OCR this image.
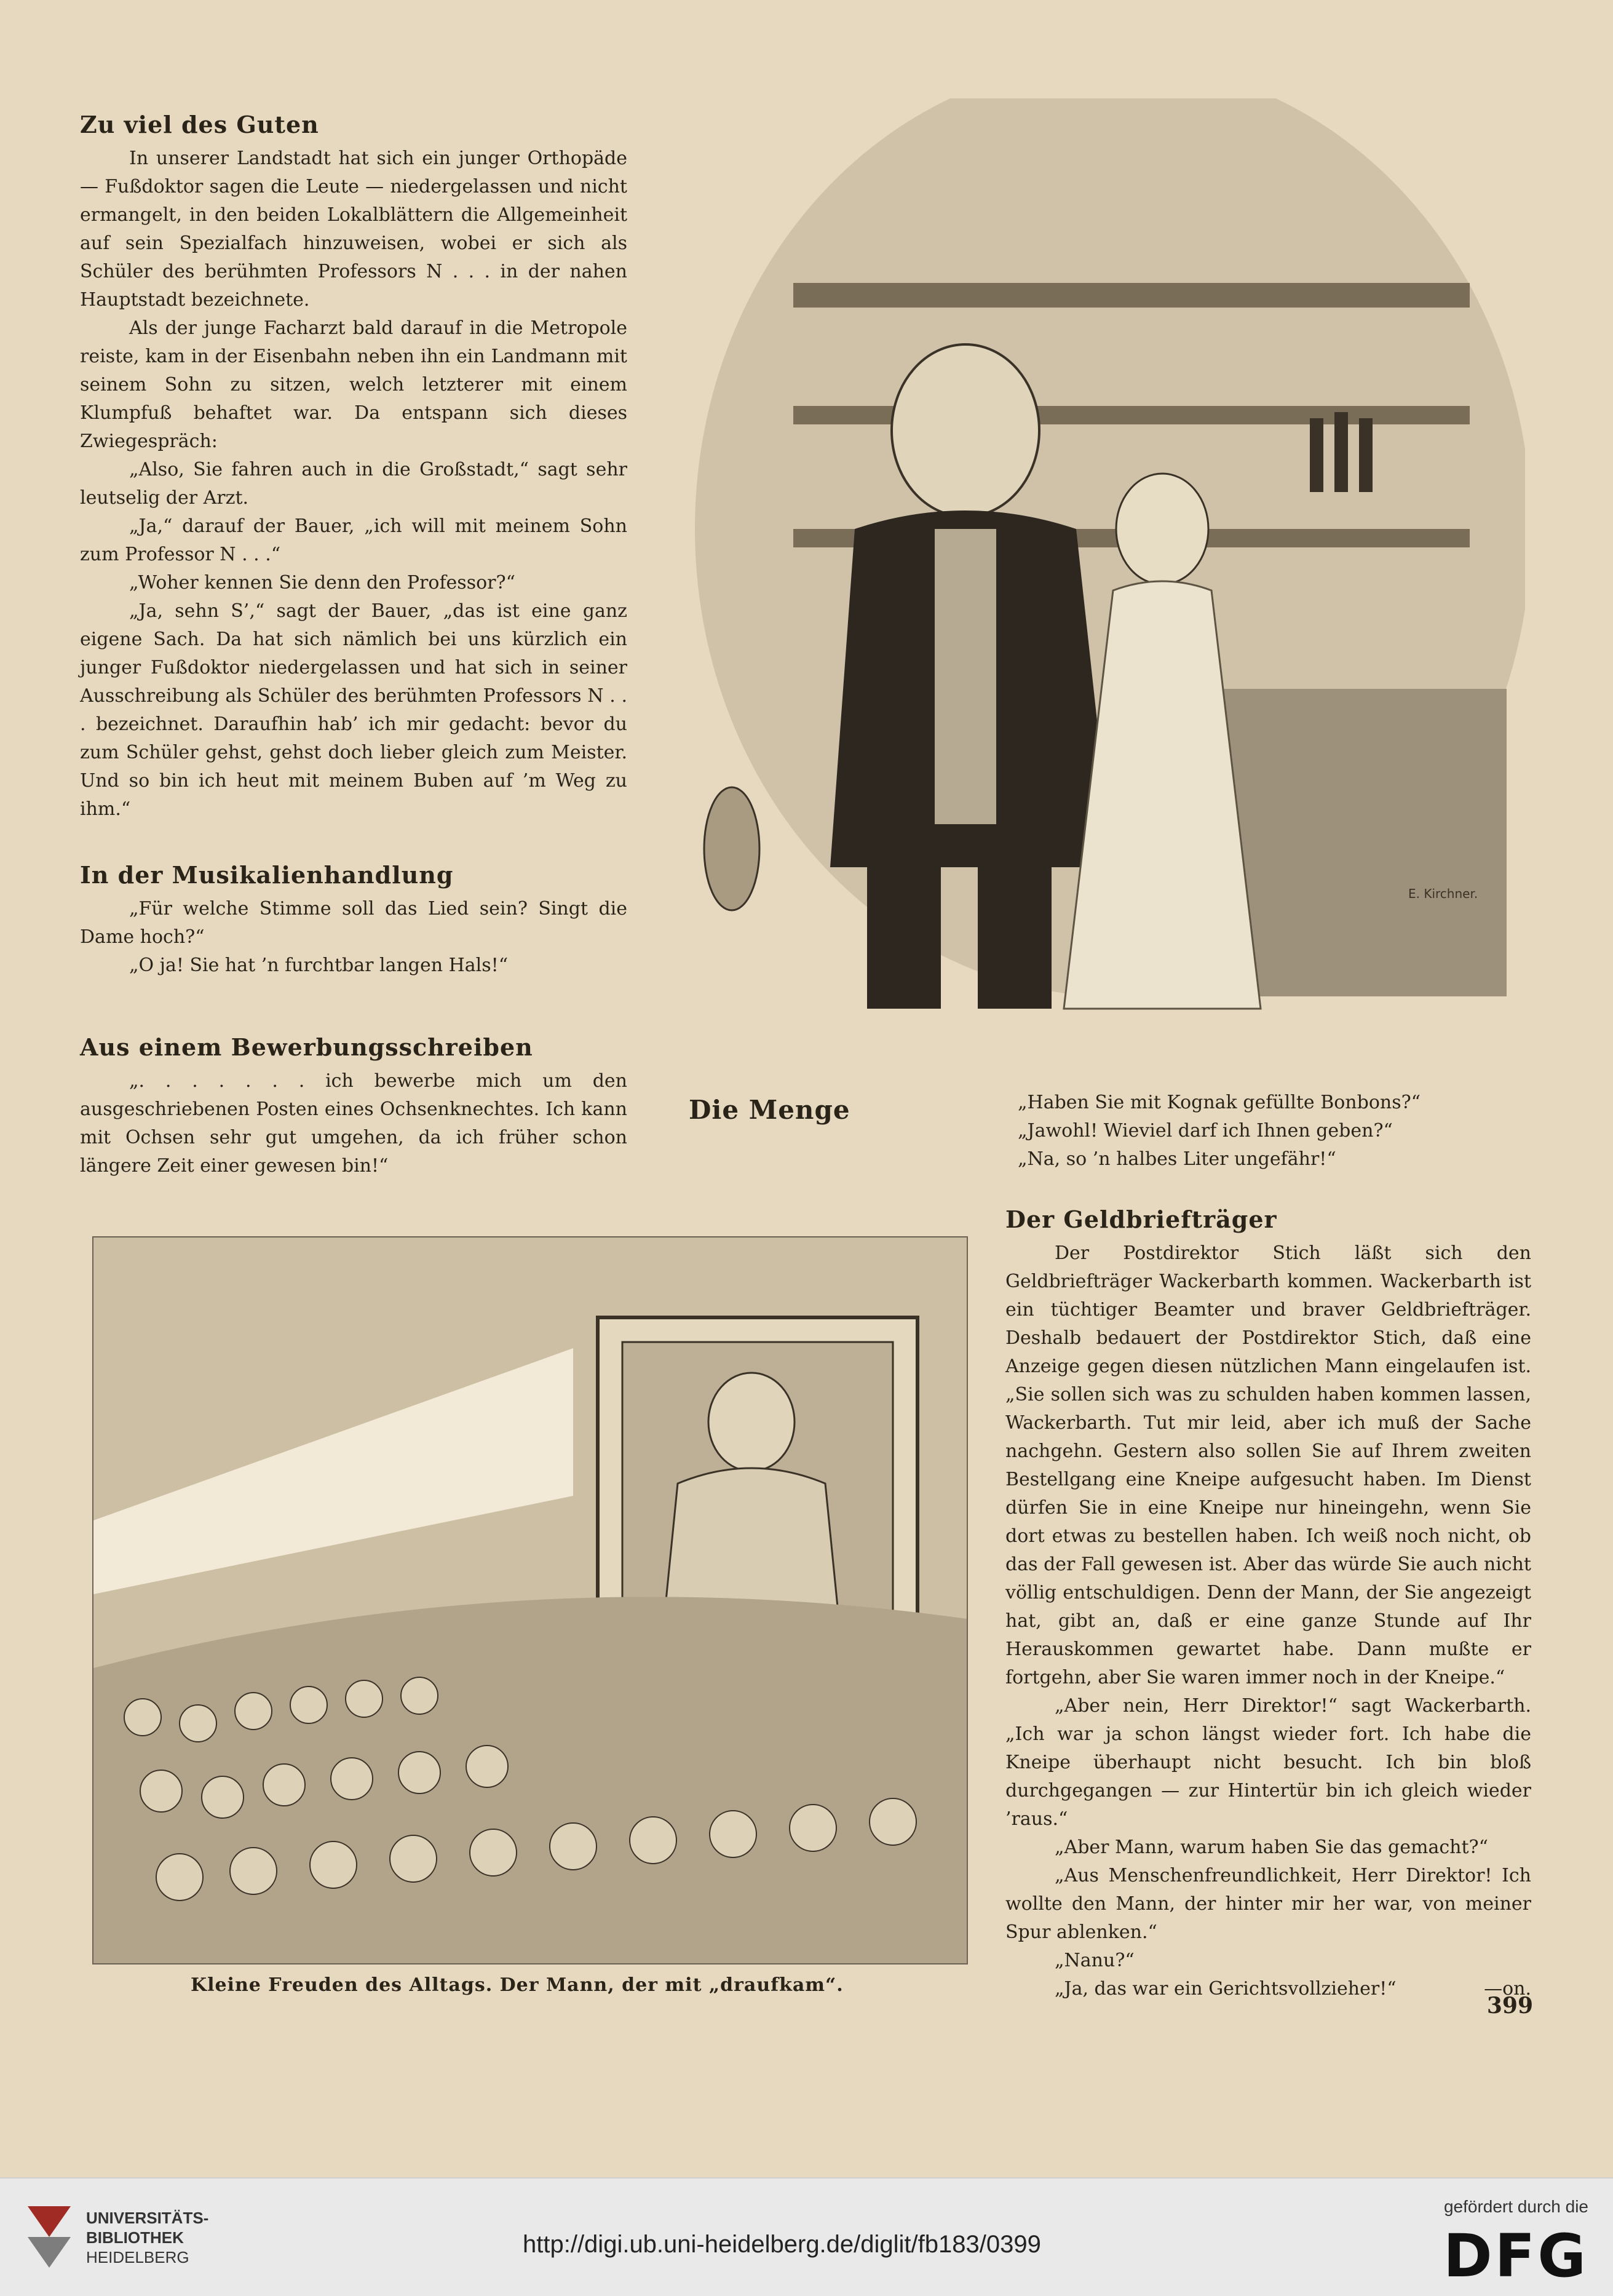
Zu viel des Guten

In unserer Landstadt hat sich ein junger Orthopäde — Fußdoktor sagen die Leute — niedergelassen und nicht ermangelt, in den beiden Lokalblättern die Allgemeinheit auf sein Spezialfach hinzuweisen, wobei er sich als Schüler des berühmten Professors N . . . in der nahen Hauptstadt bezeichnete.

Als der junge Facharzt bald darauf in die Metropole reiste, kam in der Eisenbahn neben ihn ein Landmann mit seinem Sohn zu sitzen, welch letzterer mit einem Klumpfuß behaftet war. Da entspann sich dieses Zwiegespräch:

„Also, Sie fahren auch in die Großstadt,“ sagt sehr leutselig der Arzt.

„Ja,“ darauf der Bauer, „ich will mit meinem Sohn zum Professor N . . .“

„Woher kennen Sie denn den Professor?“

„Ja, sehn S’,“ sagt der Bauer, „das ist eine ganz eigene Sach. Da hat sich nämlich bei uns kürzlich ein junger Fußdoktor niedergelassen und hat sich in seiner Ausschreibung als Schüler des berühmten Professors N . . . bezeichnet. Daraufhin hab’ ich mir gedacht: bevor du zum Schüler gehst, gehst doch lieber gleich zum Meister. Und so bin ich heut mit meinem Buben auf ’m Weg zu ihm.“

In der Musikalienhandlung

„Für welche Stimme soll das Lied sein? Singt die Dame hoch?“

„O ja! Sie hat ’n furchtbar langen Hals!“

Aus einem Bewerbungsschreiben

„. . . . . . . ich bewerbe mich um den ausgeschriebenen Posten eines Ochsenknechtes. Ich kann mit Ochsen sehr gut umgehen, da ich früher schon längere Zeit einer gewesen bin!“

E. Kirchner.
Die Menge	„Haben Sie mit Kognak gefüllte Bonbons?“
„Jawohl! Wieviel darf ich Ihnen geben?“
„Na, so ’n halbes Liter ungefähr!“
Kleine Freuden des Alltags. Der Mann, der mit „draufkam“.
Der Geldbriefträger

Der Postdirektor Stich läßt sich den Geldbriefträger Wackerbarth kommen. Wackerbarth ist ein tüchtiger Beamter und braver Geldbriefträger. Deshalb bedauert der Postdirektor Stich, daß eine Anzeige gegen diesen nützlichen Mann eingelaufen ist. „Sie sollen sich was zu schulden haben kommen lassen, Wackerbarth. Tut mir leid, aber ich muß der Sache nachgehn. Gestern also sollen Sie auf Ihrem zweiten Bestellgang eine Kneipe aufgesucht haben. Im Dienst dürfen Sie in eine Kneipe nur hineingehn, wenn Sie dort etwas zu bestellen haben. Ich weiß noch nicht, ob das der Fall gewesen ist. Aber das würde Sie auch nicht völlig entschuldigen. Denn der Mann, der Sie angezeigt hat, gibt an, daß er eine ganze Stunde auf Ihr Herauskommen gewartet habe. Dann mußte er fortgehn, aber Sie waren immer noch in der Kneipe.“

„Aber nein, Herr Direktor!“ sagt Wackerbarth. „Ich war ja schon längst wieder fort. Ich habe die Kneipe überhaupt nicht besucht. Ich bin bloß durchgegangen — zur Hintertür bin ich gleich wieder ’raus.“

„Aber Mann, warum haben Sie das gemacht?“

„Aus Menschenfreundlichkeit, Herr Direktor! Ich wollte den Mann, der hinter mir her war, von meiner Spur ablenken.“

„Nanu?“

„Ja, das war ein Gerichtsvollzieher!“	—on.

399
UNIVERSITÄTS-
BIBLIOTHEK
HEIDELBERG	http://digi.ub.uni-heidelberg.de/diglit/fb183/0399
gefördert durch die
DFG
